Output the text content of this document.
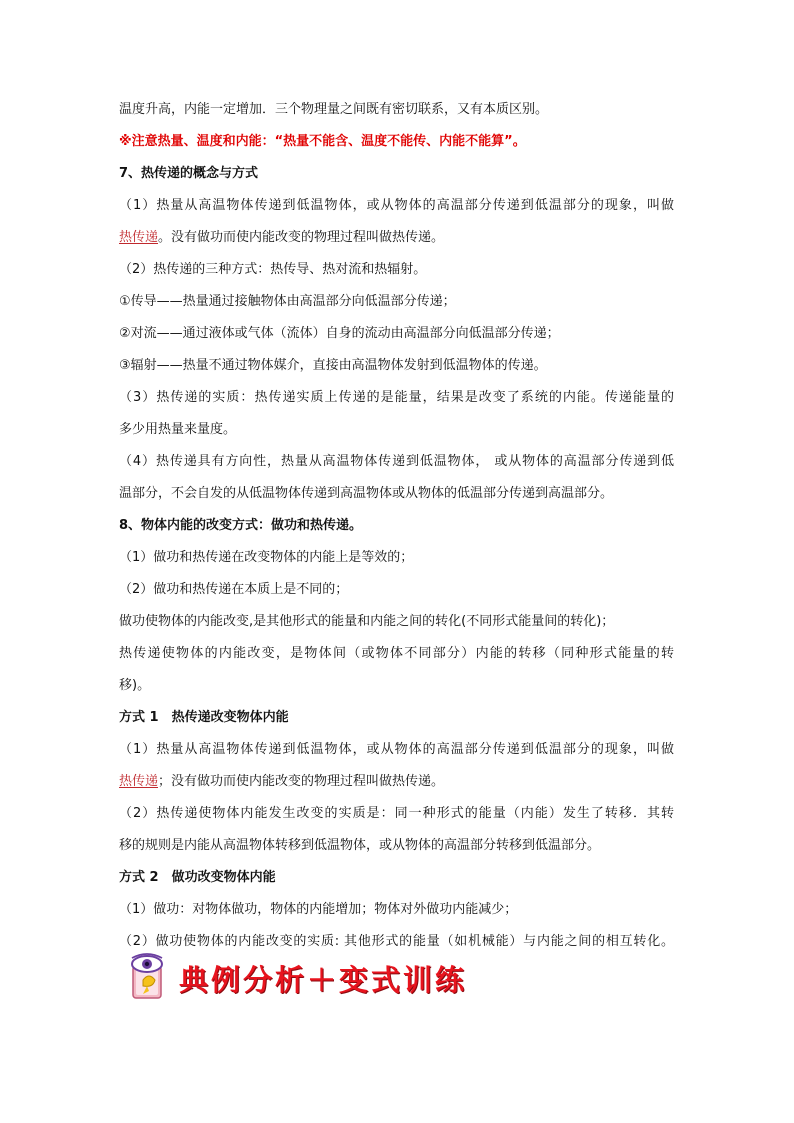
温度升高，内能一定增加．三个物理量之间既有密切联系，又有本质区别。
※注意热量、温度和内能：“热量不能含、温度不能传、内能不能算”。
7、热传递的概念与方式
（1）热量从高温物体传递到低温物体，或从物体的高温部分传递到低温部分的现象，叫做
热传递。没有做功而使内能改变的物理过程叫做热传递。
（2）热传递的三种方式：热传导、热对流和热辐射。
①传导——热量通过接触物体由高温部分向低温部分传递；
②对流——通过液体或气体（流体）自身的流动由高温部分向低温部分传递；
③辐射——热量不通过物体媒介，直接由高温物体发射到低温物体的传递。
（3）热传递的实质：热传递实质上传递的是能量，结果是改变了系统的内能。传递能量的
多少用热量来量度。
（4）热传递具有方向性，热量从高温物体传递到低温物体， 或从物体的高温部分传递到低
温部分，不会自发的从低温物体传递到高温物体或从物体的低温部分传递到高温部分。
8、物体内能的改变方式：做功和热传递。
（1）做功和热传递在改变物体的内能上是等效的；
（2）做功和热传递在本质上是不同的；
做功使物体的内能改变,是其他形式的能量和内能之间的转化(不同形式能量间的转化)；
热传递使物体的内能改变，是物体间（或物体不同部分）内能的转移（同种形式能量的转
移)。
方式 1　热传递改变物体内能
（1）热量从高温物体传递到低温物体，或从物体的高温部分传递到低温部分的现象，叫做
热传递；没有做功而使内能改变的物理过程叫做热传递。
（2）热传递使物体内能发生改变的实质是：同一种形式的能量（内能）发生了转移．其转
移的规则是内能从高温物体转移到低温物体，或从物体的高温部分转移到低温部分。
方式 2　做功改变物体内能
（1）做功：对物体做功，物体的内能增加；物体对外做功内能减少；
（2）做功使物体的内能改变的实质: 其他形式的能量（如机械能）与内能之间的相互转化。
典例分析＋变式训练
